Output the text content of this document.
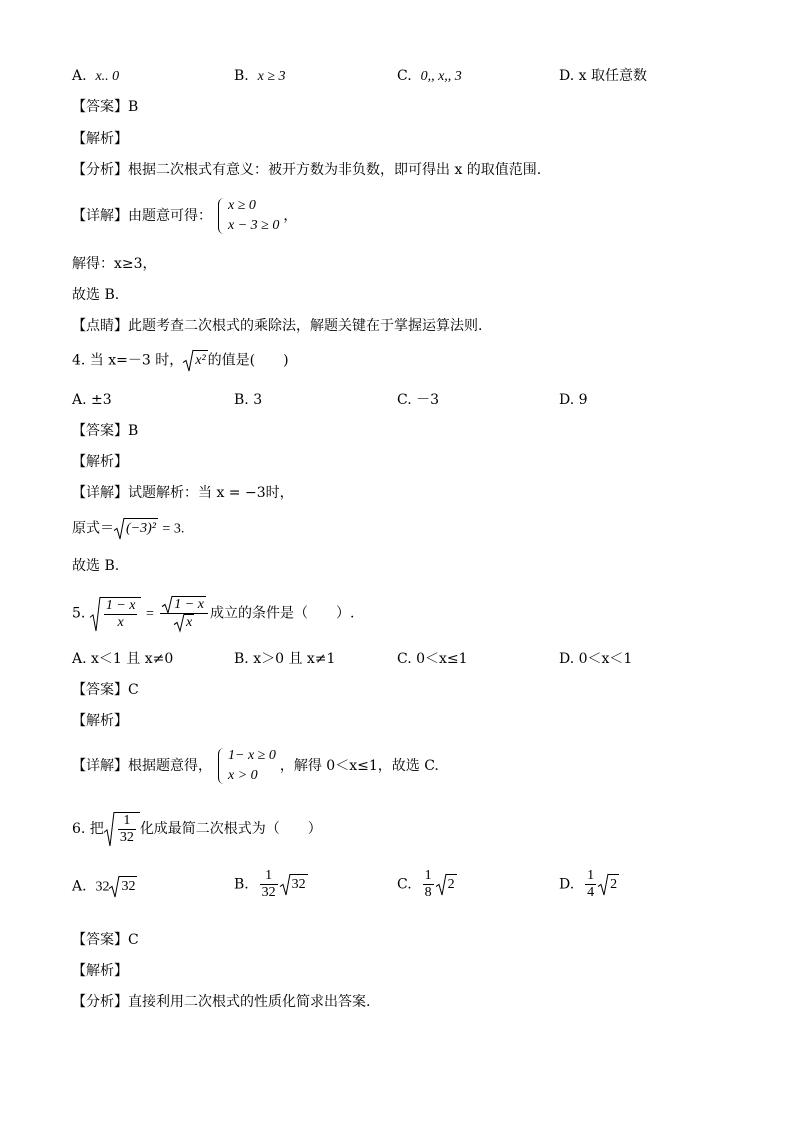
A. x.. 0	B. x ≥ 3	C. 0,, x,, 3	D. x 取任意数
【答案】B
【解析】
【分析】根据二次根式有意义：被开方数为非负数，即可得出 x 的取值范围.
【详解】由题意可得：
x ≥ 0
x − 3 ≥ 0
，
解得：x≥3，
故选 B.
【点睛】此题考查二次根式的乘除法，解题关键在于掌握运算法则.
4. 当 x=－3 时， x² 的值是(　　)
A. ±3	B. 3	C. －3	D. 9
【答案】B
【解析】
【详解】试题解析：当 x = −3时，
原式＝ (−3)² = 3.
故选 B.
5. $\frac{1 - x}{x} = \frac{1 - x}{x}$ 成立的条件是（　　）.
A. x＜1 且 x≠0	B. x＞0 且 x≠1	C. 0＜x≤1	D. 0＜x＜1
【答案】C
【解析】
【详解】根据题意得，
1− x ≥ 0
x > 0
，解得 0＜x≤1，故选 C.
6. 把 $\frac{1}{32}$ 化成最简二次根式为（　　）
A. 32 32	B. $\frac{1}{32} 32$	C. $\frac{1}{8} 2$	D. $\frac{1}{4} 2$
【答案】C
【解析】
【分析】直接利用二次根式的性质化简求出答案.
